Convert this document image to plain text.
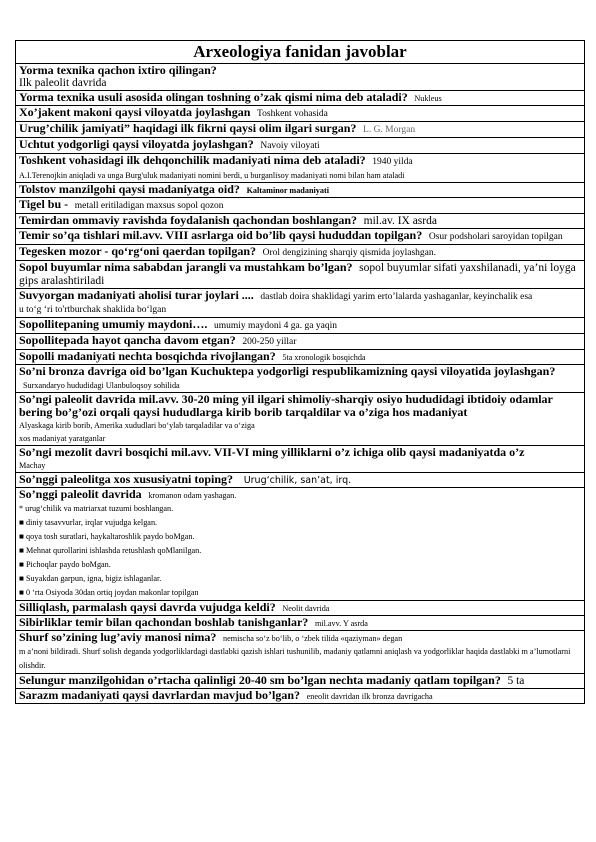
Arxeologiya fanidan javoblar
Yorma texnika qachon ixtiro qilingan?
Ilk paleolit davrida
Yorma texnika usuli asosida olingan toshning o’zak qismi nima deb ataladi? Nukleus
Xo’jakent makoni qaysi viloyatda joylashgan Toshkent vohasida
Urug’chilik jamiyati” haqidagi ilk fikrni qaysi olim ilgari surgan? L. G. Morgan
Uchtut yodgorligi qaysi viloyatda joylashgan? Navoiy viloyati
Toshkent vohasidagi ilk dehqonchilik madaniyati nima deb ataladi? 1940 yilda
A.I.Terenojkin aniqladi va unga Burg'uluk madaniyati nomini berdi, u burganlisoy madaniyati nomi bilan ham ataladi
Tolstov manzilgohi qaysi madaniyatga oid? Kaltaminor madaniyati
Tigel bu - metall eritiladigan maxsus sopol qozon
Temirdan ommaviy ravishda foydalanish qachondan boshlangan? mil.av. IX asrda
Temir so’qa tishlari mil.avv. VIII asrlarga oid bo’lib qaysi hududdan topilgan? Osur podsholari saroyidan topilgan
Tegesken mozor - qo‘rg‘oni qaerdan topilgan? Orol dengizining sharqiy qismida joylashgan.
Sopol buyumlar nima sababdan jarangli va mustahkam bo’lgan? sopol buyumlar sifati yaxshilanadi, ya’ni loyga gips aralashtiriladi
Suvyorgan madaniyati aholisi turar joylari .... dastlab doira shaklidagi yarim erto’lalarda yashaganlar, keyinchalik esa
u to‘g ‘ri to'rtburchak shaklida bo‘lgan
Sopollitepaning umumiy maydoni…. umumiy maydoni 4 ga. ga yaqin
Sopollitepada hayot qancha davom etgan? 200-250 yillar
Sopolli madaniyati nechta bosqichda rivojlangan? 5ta xronologik bosqichda
So’ni bronza davriga oid bo’lgan Kuchuktepa yodgorligi respublikamizning qaysi viloyatida joylashgan? Surxandaryo hududidagi Ulanbuloqsoy sohilida
So’ngi paleolit davrida mil.avv. 30-20 ming yil ilgari shimoliy-sharqiy osiyo hududidagi ibtidoiy odamlar bering bo’g’ozi orqali qaysi hududlarga kirib borib tarqaldilar va o’ziga hos madaniyat
Alyaskaga kirib borib, Amerika xududlari bo‘ylab tarqaladilar va o‘ziga
xos madaniyat yaratganlar
So’ngi mezolit davri bosqichi mil.avv. VII-VI ming yilliklarni o’z ichiga olib qaysi madaniyatda o’z
Machay
So’nggi paleolitga xos xususiyatni toping? Urug‘chilik, san’at, irq.
So’nggi paleolit davrida kromanon odam yashagan.
* urug‘chilik va matriarxat tuzumi boshlangan.
■ diniy tasavvurlar, irqlar vujudga kelgan.
■ qoya tosh suratlari, haykaltaroshlik paydo boMgan.
■ Mehnat qurollarini ishlashda retushlash qoMlanilgan.
■ Pichoqlar paydo boMgan.
■ Suyakdan garpun, igna, bigiz ishlaganlar.
■ 0 ‘rta Osiyoda 30dan ortiq joydan makonlar topilgan
Silliqlash, parmalash qaysi davrda vujudga keldi? Neolit davrida
Sibirliklar temir bilan qachondan boshlab tanishganlar? mil.avv. Y asrda
Shurf so’zining lug’aviy manosi nima? nemischa so‘z bo‘lib, o ‘zbek tilida «qaziyman» degan
m a’noni bildiradi. Shurf solish deganda yodgorliklardagi dastlabki qazish ishlari tushunilib, madaniy qatlamni aniqlash va yodgorliklar haqida dastlabki m a’lumotlarni olishdir.
Selungur manzilgohidan o’rtacha qalinligi 20-40 sm bo’lgan nechta madaniy qatlam topilgan? 5 ta
Sarazm madaniyati qaysi davrlardan mavjud bo’lgan? eneolit davridan ilk bronza davrigacha
